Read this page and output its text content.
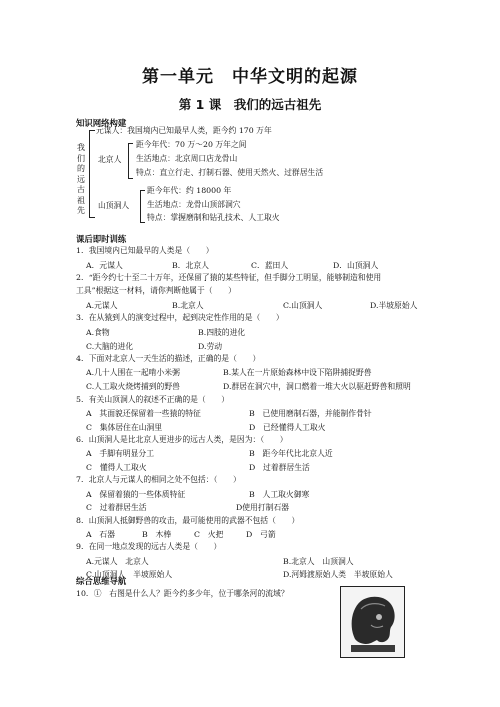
第一单元　中华文明的起源
第 1 课　我们的远古祖先
知识网络构建
我们的远古祖先
元谋人：我国境内已知最早人类，距今约 170 万年
北京人
距今年代：70 万～20 万年之间
生活地点：北京周口店龙骨山
特点：直立行走、打制石器、使用天然火、过群居生活
山顶洞人
距今年代：约 18000 年
生活地点：龙骨山顶部洞穴
特点：掌握磨制和钻孔技术、人工取火
课后即时训练
1．我国境内已知最早的人类是（　　）
A．元谋人	B．北京人	C．蓝田人	D．山顶洞人
2．“距今约七十至二十万年，还保留了猿的某些特征，但手脚分工明显，能够制造和使用
工具”根据这一材料，请你判断他属于（　　）
A.元谋人	B.北京人	C.山顶洞人	D.半坡原始人
3．在从猿到人的演变过程中，起到决定性作用的是（　　）
A.食物	B.四肢的进化
C.大脑的进化	D.劳动
4．下面对北京人一天生活的描述，正确的是（　　）
A.几十人围在一起啃小米粥	B.某人在一片原始森林中设下陷阱捕捉野兽
C.人工取火烧烤捕到的野兽	D.群居在洞穴中，洞口燃着一堆大火以驱赶野兽和照明
5．有关山顶洞人的叙述不正确的是（　　）
A　其面貌还保留着一些猿的特征	B　已使用磨制石器，并能制作骨针
C　集体居住在山洞里	D　已经懂得人工取火
6．山顶洞人是比北京人更进步的远古人类，是因为：（　　）
A　手脚有明显分工	B　距今年代比北京人近
C　懂得人工取火	D　过着群居生活
7．北京人与元谋人的相同之处不包括：（　　）
A　保留着猿的一些体质特征	B　人工取火御寒
C　过着群居生活	D使用打制石器
8．山顶洞人抵御野兽的攻击，最可能使用的武器不包括（　　）
A　石器	B　木棒	C　火把	D　弓箭
9．在同一地点发现的远古人类是（　　）
A.元谋人　北京人	B.北京人　山顶洞人
C.山顶洞人　半坡原始人	D.河姆渡原始人类　半坡原始人
综合思维导航
10．①　右图是什么人？距今约多少年，位于哪条河的流域？
